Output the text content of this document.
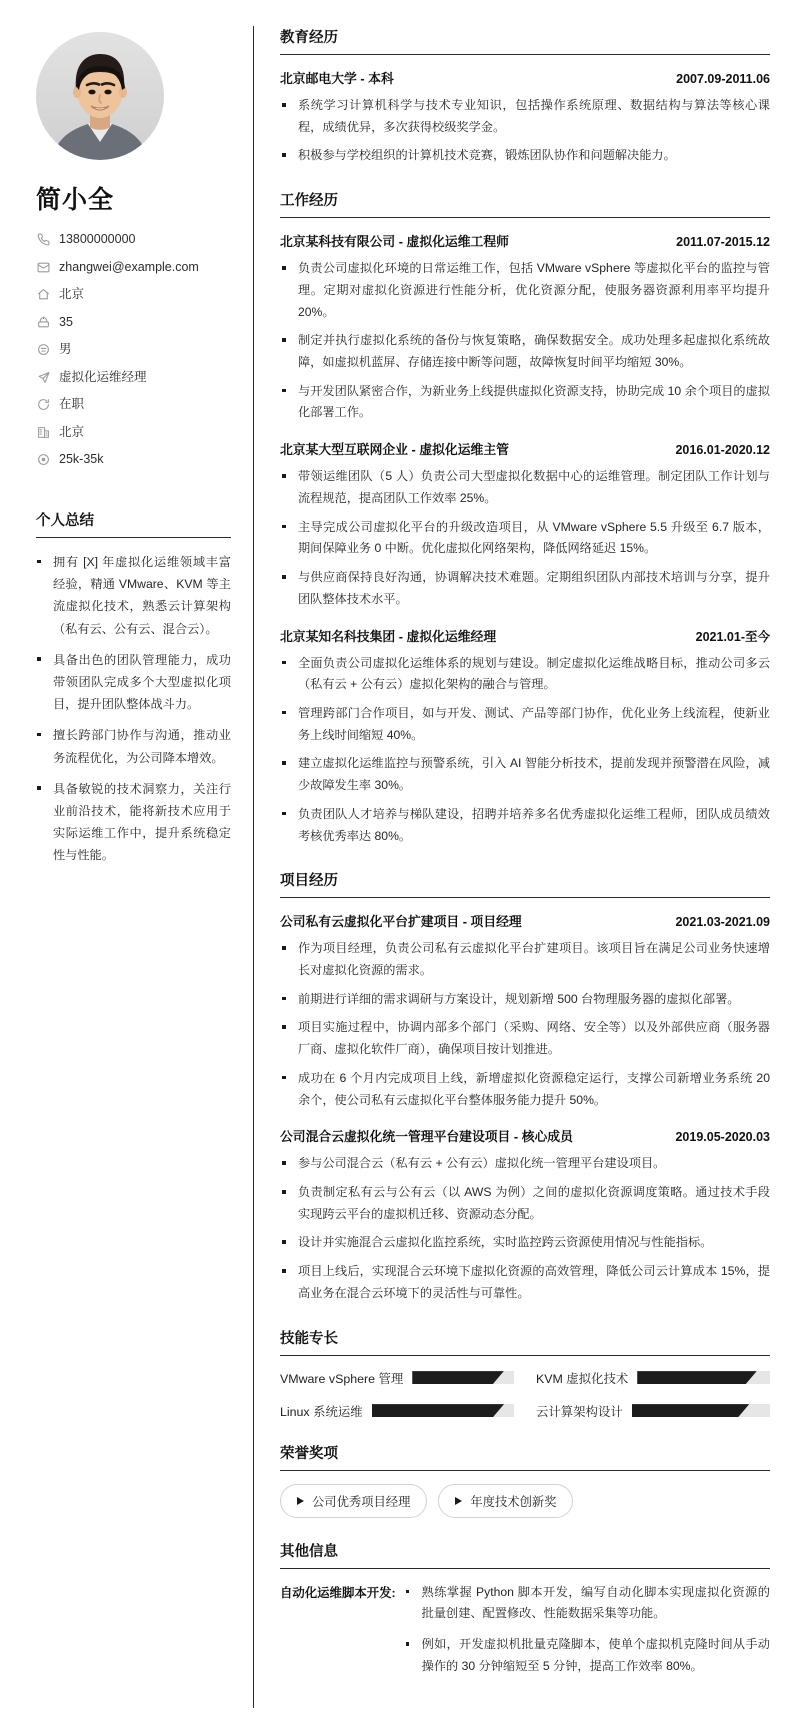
简小全
13800000000
zhangwei@example.com
北京
35
男
虚拟化运维经理
在职
北京
25k-35k
个人总结
拥有 [X] 年虚拟化运维领域丰富经验，精通 VMware、KVM 等主流虚拟化技术，熟悉云计算架构（私有云、公有云、混合云）。
具备出色的团队管理能力，成功带领团队完成多个大型虚拟化项目，提升团队整体战斗力。
擅长跨部门协作与沟通，推动业务流程优化，为公司降本增效。
具备敏锐的技术洞察力，关注行业前沿技术，能将新技术应用于实际运维工作中，提升系统稳定性与性能。
教育经历
北京邮电大学 - 本科	2007.09-2011.06
系统学习计算机科学与技术专业知识，包括操作系统原理、数据结构与算法等核心课程，成绩优异，多次获得校级奖学金。
积极参与学校组织的计算机技术竞赛，锻炼团队协作和问题解决能力。
工作经历
北京某科技有限公司 - 虚拟化运维工程师	2011.07-2015.12
负责公司虚拟化环境的日常运维工作，包括 VMware vSphere 等虚拟化平台的监控与管理。定期对虚拟化资源进行性能分析，优化资源分配，使服务器资源利用率平均提升 20%。
制定并执行虚拟化系统的备份与恢复策略，确保数据安全。成功处理多起虚拟化系统故障，如虚拟机蓝屏、存储连接中断等问题，故障恢复时间平均缩短 30%。
与开发团队紧密合作，为新业务上线提供虚拟化资源支持，协助完成 10 余个项目的虚拟化部署工作。
北京某大型互联网企业 - 虚拟化运维主管	2016.01-2020.12
带领运维团队（5 人）负责公司大型虚拟化数据中心的运维管理。制定团队工作计划与流程规范，提高团队工作效率 25%。
主导完成公司虚拟化平台的升级改造项目，从 VMware vSphere 5.5 升级至 6.7 版本，期间保障业务 0 中断。优化虚拟化网络架构，降低网络延迟 15%。
与供应商保持良好沟通，协调解决技术难题。定期组织团队内部技术培训与分享，提升团队整体技术水平。
北京某知名科技集团 - 虚拟化运维经理	2021.01-至今
全面负责公司虚拟化运维体系的规划与建设。制定虚拟化运维战略目标，推动公司多云（私有云 + 公有云）虚拟化架构的融合与管理。
管理跨部门合作项目，如与开发、测试、产品等部门协作，优化业务上线流程，使新业务上线时间缩短 40%。
建立虚拟化运维监控与预警系统，引入 AI 智能分析技术，提前发现并预警潜在风险，减少故障发生率 30%。
负责团队人才培养与梯队建设，招聘并培养多名优秀虚拟化运维工程师，团队成员绩效考核优秀率达 80%。
项目经历
公司私有云虚拟化平台扩建项目 - 项目经理	2021.03-2021.09
作为项目经理，负责公司私有云虚拟化平台扩建项目。该项目旨在满足公司业务快速增长对虚拟化资源的需求。
前期进行详细的需求调研与方案设计，规划新增 500 台物理服务器的虚拟化部署。
项目实施过程中，协调内部多个部门（采购、网络、安全等）以及外部供应商（服务器厂商、虚拟化软件厂商），确保项目按计划推进。
成功在 6 个月内完成项目上线，新增虚拟化资源稳定运行，支撑公司新增业务系统 20 余个，使公司私有云虚拟化平台整体服务能力提升 50%。
公司混合云虚拟化统一管理平台建设项目 - 核心成员	2019.05-2020.03
参与公司混合云（私有云 + 公有云）虚拟化统一管理平台建设项目。
负责制定私有云与公有云（以 AWS 为例）之间的虚拟化资源调度策略。通过技术手段实现跨云平台的虚拟机迁移、资源动态分配。
设计并实施混合云虚拟化监控系统，实时监控跨云资源使用情况与性能指标。
项目上线后，实现混合云环境下虚拟化资源的高效管理，降低公司云计算成本 15%，提高业务在混合云环境下的灵活性与可靠性。
技能专长
VMware vSphere 管理	KVM 虚拟化技术
Linux 系统运维	云计算架构设计
荣誉奖项
公司优秀项目经理	年度技术创新奖
其他信息
自动化运维脚本开发:	熟练掌握 Python 脚本开发，编写自动化脚本实现虚拟化资源的批量创建、配置修改、性能数据采集等功能。
例如，开发虚拟机批量克隆脚本，使单个虚拟机克隆时间从手动操作的 30 分钟缩短至 5 分钟，提高工作效率 80%。
